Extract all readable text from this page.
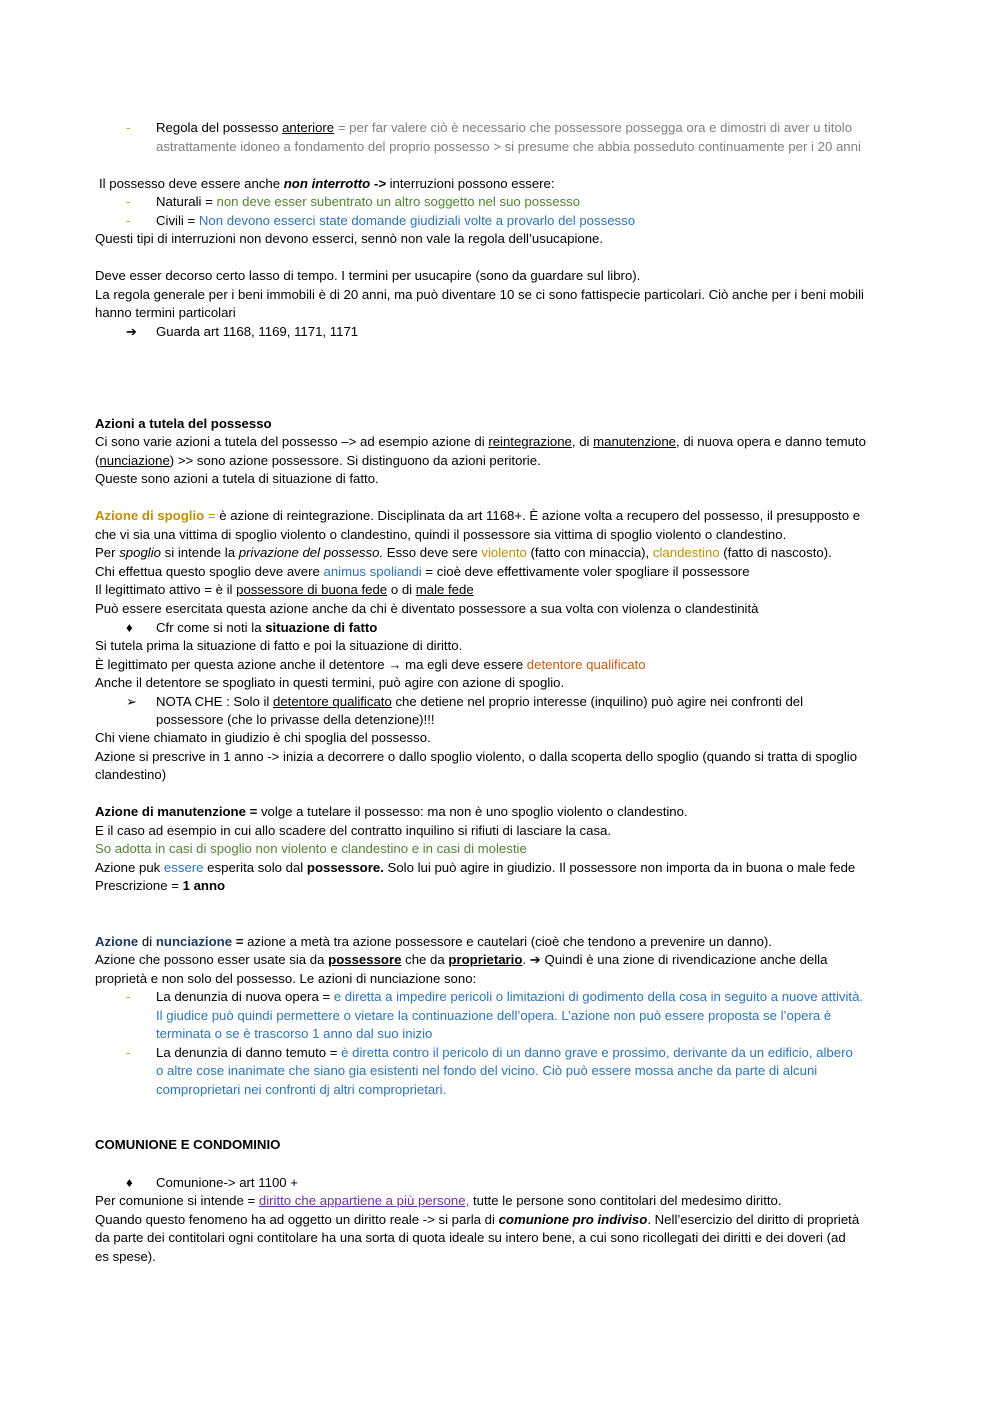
-	Regola del possesso anteriore = per far valere ciò è necessario che possessore possegga ora e dimostri di aver u titolo
astrattamente idoneo a fondamento del proprio possesso > si presume che abbia posseduto continuamente per i 20 anni
Il possesso deve essere anche non interrotto -> interruzioni possono essere:
-	Naturali = non deve esser subentrato un altro soggetto nel suo possesso
-	Civili = Non devono esserci state domande giudiziali volte a provarlo del possesso
Questi tipi di interruzioni non devono esserci, sennò non vale la regola dell’usucapione.
Deve esser decorso certo lasso di tempo. I termini per usucapire (sono da guardare sul libro).
La regola generale per i beni immobili è di 20 anni, ma può diventare 10 se ci sono fattispecie particolari. Ciò anche per i beni mobili
hanno termini particolari
➔	Guarda art 1168, 1169, 1171, 1171
Azioni a tutela del possesso
Ci sono varie azioni a tutela del possesso –> ad esempio azione di reintegrazione, di manutenzione, di nuova opera e danno temuto
(nunciazione) >> sono azione possessore. Si distinguono da azioni peritorie.
Queste sono azioni a tutela di situazione di fatto.
Azione di spoglio = è azione di reintegrazione. Disciplinata da art 1168+. È azione volta a recupero del possesso, il presupposto e
che vi sia una vittima di spoglio violento o clandestino, quindi il possessore sia vittima di spoglio violento o clandestino.
Per spoglio si intende la privazione del possesso. Esso deve sere violento (fatto con minaccia), clandestino (fatto di nascosto).
Chi effettua questo spoglio deve avere animus spoliandi = cioè deve effettivamente voler spogliare il possessore
Il legittimato attivo = è il possessore di buona fede o di male fede
Può essere esercitata questa azione anche da chi è diventato possessore a sua volta con violenza o clandestinità
♦	Cfr come si noti la situazione di fatto
Si tutela prima la situazione di fatto e poi la situazione di diritto.
È legittimato per questa azione anche il detentore → ma egli deve essere detentore qualificato
Anche il detentore se spogliato in questi termini, può agire con azione di spoglio.
➢	NOTA CHE : Solo il detentore qualificato che detiene nel proprio interesse (inquilino) può agire nei confronti del
possessore (che lo privasse della detenzione)!!!
Chi viene chiamato in giudizio è chi spoglia del possesso.
Azione si prescrive in 1 anno -> inizia a decorrere o dallo spoglio violento, o dalla scoperta dello spoglio (quando si tratta di spoglio
clandestino)
Azione di manutenzione = volge a tutelare il possesso: ma non è uno spoglio violento o clandestino.
E il caso ad esempio in cui allo scadere del contratto inquilino si rifiuti di lasciare la casa.
So adotta in casi di spoglio non violento e clandestino e in casi di molestie
Azione puk essere esperita solo dal possessore. Solo lui può agire in giudizio. Il possessore non importa da in buona o male fede
Prescrizione = 1 anno
Azione di nunciazione = azione a metà tra azione possessore e cautelari (cioè che tendono a prevenire un danno).
Azione che possono esser usate sia da possessore che da proprietario. ➔ Quindi è una zione di rivendicazione anche della
proprietà e non solo del possesso. Le azioni di nunciazione sono:
-	La denunzia di nuova opera = e diretta a impedire pericoli o limitazioni di godimento della cosa in seguito a nuove attività.
Il giudice può quindi permettere o vietare la continuazione dell’opera. L’azione non può essere proposta se l’opera è
terminata o se è trascorso 1 anno dal suo inizio
-	La denunzia di danno temuto = è diretta contro il pericolo di un danno grave e prossimo, derivante da un edificio, albero
o altre cose inanimate che siano gia esistenti nel fondo del vicino. Ciò può essere mossa anche da parte di alcuni
comproprietari nei confronti dj altri comproprietari.
COMUNIONE E CONDOMINIO
♦	Comunione-> art 1100 +
Per comunione si intende = diritto che appartiene a più persone, tutte le persone sono contitolari del medesimo diritto.
Quando questo fenomeno ha ad oggetto un diritto reale -> si parla di comunione pro indiviso. Nell’esercizio del diritto di proprietà
da parte dei contitolari ogni contitolare ha una sorta di quota ideale su intero bene, a cui sono ricollegati dei diritti e dei doveri (ad
es spese).
